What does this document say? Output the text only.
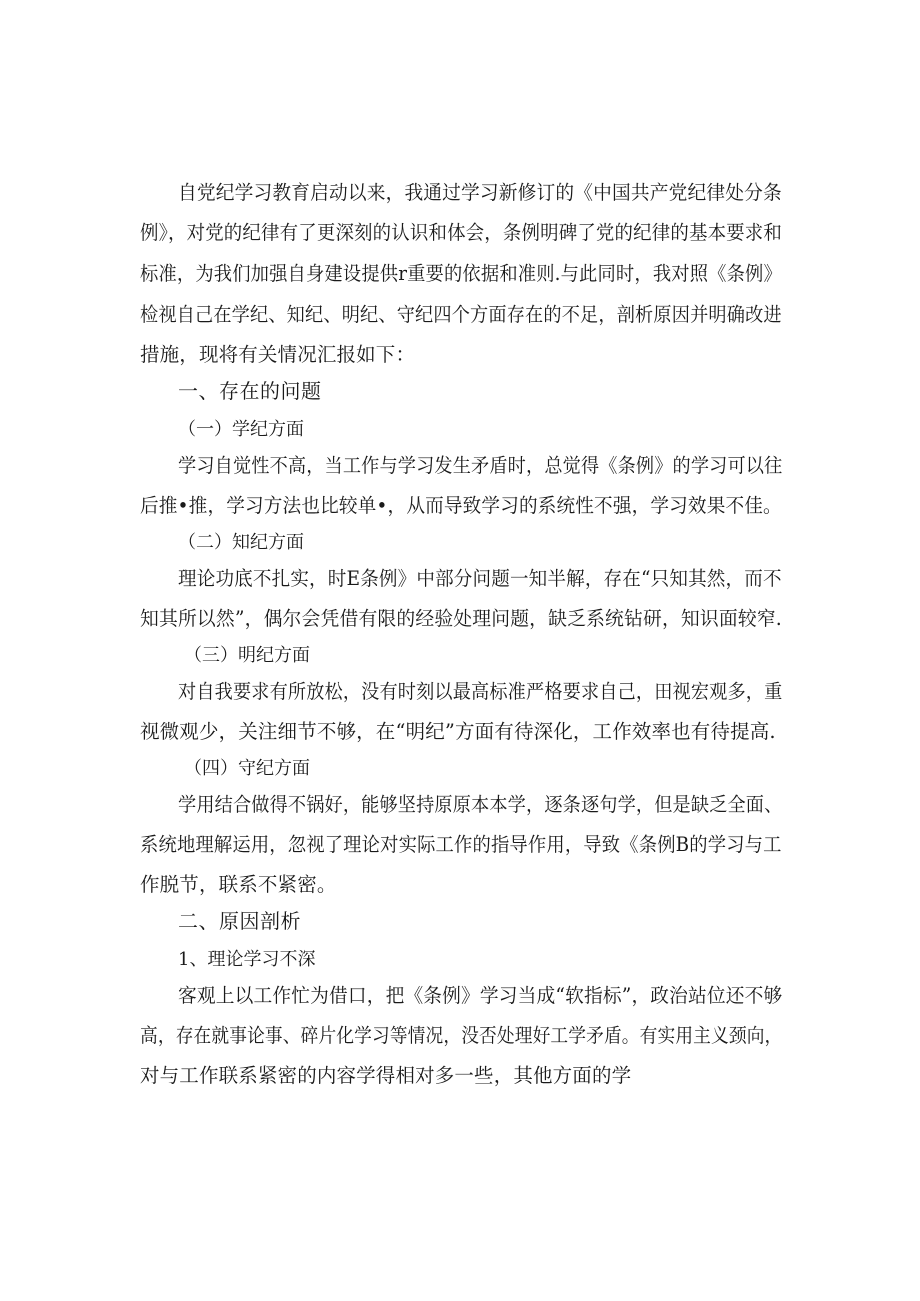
自党纪学习教育启动以来，我通过学习新修订的《中国共产党纪律处分条
例》，对党的纪律有了更深刻的认识和体会，条例明碑了党的纪律的基本要求和
标准，为我们加强自身建设提供r重要的依据和准则.与此同时，我对照《条例》
检视自己在学纪、知纪、明纪、守纪四个方面存在的不足，剖析原因并明确改进
措施，现将有关情况汇报如下：
一、存在的问题
（一）学纪方面
学习自觉性不高，当工作与学习发生矛盾时，总觉得《条例》的学习可以往
后推•推，学习方法也比较单•，从而导致学习的系统性不强，学习效果不佳。
（二）知纪方面
理论功底不扎实，时E条例》中部分问题一知半解，存在“只知其然，而不
知其所以然”，偶尔会凭借有限的经验处理问题，缺乏系统钻研，知识面较窄.
（三）明纪方面
对自我要求有所放松，没有时刻以最高标准严格要求自己，田视宏观多，重
视微观少，关注细节不够，在“明纪”方面有待深化，工作效率也有待提高.
（四）守纪方面
学用结合做得不锅好，能够坚持原原本本学，逐条逐句学，但是缺乏全面、
系统地理解运用，忽视了理论对实际工作的指导作用，导致《条例B的学习与工
作脱节，联系不紧密。
二、原因剖析
1、理论学习不深
客观上以工作忙为借口，把《条例》学习当成“软指标”，政治站位还不够
高，存在就事论事、碎片化学习等情况，没否处理好工学矛盾。有实用主义颈向，
对与工作联系紧密的内容学得相对多一些，其他方面的学
